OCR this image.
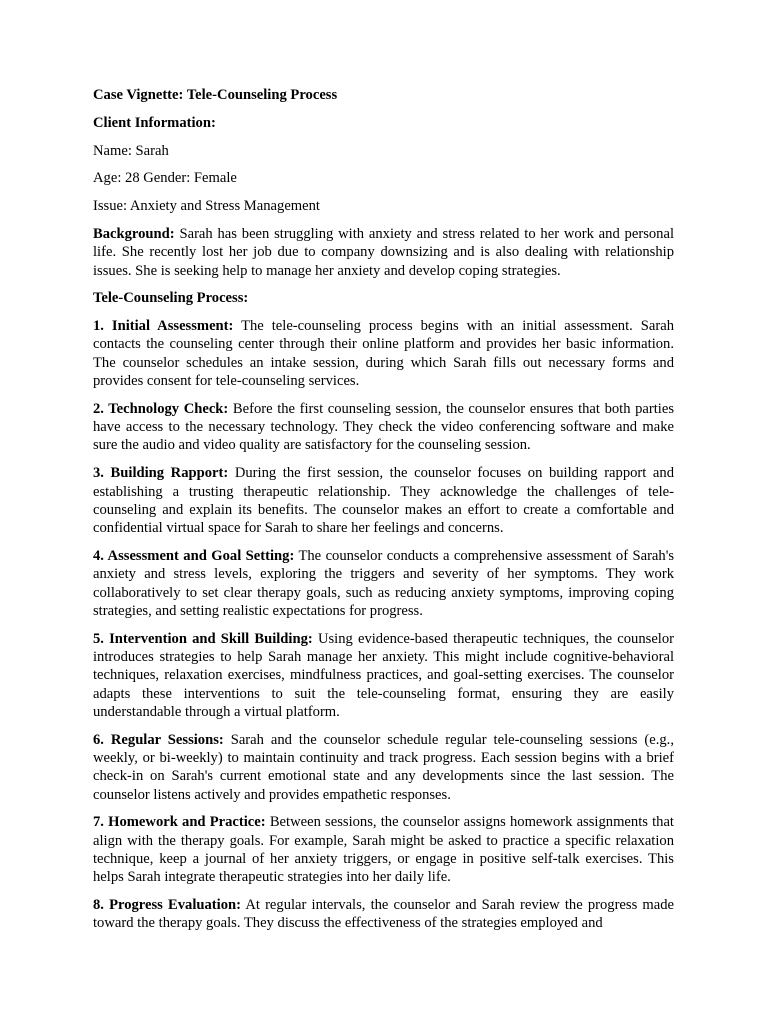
Case Vignette: Tele-Counseling Process
Client Information:
Name: Sarah
Age: 28 Gender: Female
Issue: Anxiety and Stress Management

Background: Sarah has been struggling with anxiety and stress related to her work and personal life. She recently lost her job due to company downsizing and is also dealing with relationship issues. She is seeking help to manage her anxiety and develop coping strategies.

Tele-Counseling Process:

1. Initial Assessment: The tele-counseling process begins with an initial assessment. Sarah contacts the counseling center through their online platform and provides her basic information. The counselor schedules an intake session, during which Sarah fills out necessary forms and provides consent for tele-counseling services.

2. Technology Check: Before the first counseling session, the counselor ensures that both parties have access to the necessary technology. They check the video conferencing software and make sure the audio and video quality are satisfactory for the counseling session.

3. Building Rapport: During the first session, the counselor focuses on building rapport and establishing a trusting therapeutic relationship. They acknowledge the challenges of tele-counseling and explain its benefits. The counselor makes an effort to create a comfortable and confidential virtual space for Sarah to share her feelings and concerns.

4. Assessment and Goal Setting: The counselor conducts a comprehensive assessment of Sarah's anxiety and stress levels, exploring the triggers and severity of her symptoms. They work collaboratively to set clear therapy goals, such as reducing anxiety symptoms, improving coping strategies, and setting realistic expectations for progress.

5. Intervention and Skill Building: Using evidence-based therapeutic techniques, the counselor introduces strategies to help Sarah manage her anxiety. This might include cognitive-behavioral techniques, relaxation exercises, mindfulness practices, and goal-setting exercises. The counselor adapts these interventions to suit the tele-counseling format, ensuring they are easily understandable through a virtual platform.

6. Regular Sessions: Sarah and the counselor schedule regular tele-counseling sessions (e.g., weekly, or bi-weekly) to maintain continuity and track progress. Each session begins with a brief check-in on Sarah's current emotional state and any developments since the last session. The counselor listens actively and provides empathetic responses.

7. Homework and Practice: Between sessions, the counselor assigns homework assignments that align with the therapy goals. For example, Sarah might be asked to practice a specific relaxation technique, keep a journal of her anxiety triggers, or engage in positive self-talk exercises. This helps Sarah integrate therapeutic strategies into her daily life.

8. Progress Evaluation: At regular intervals, the counselor and Sarah review the progress made toward the therapy goals. They discuss the effectiveness of the strategies employed and
